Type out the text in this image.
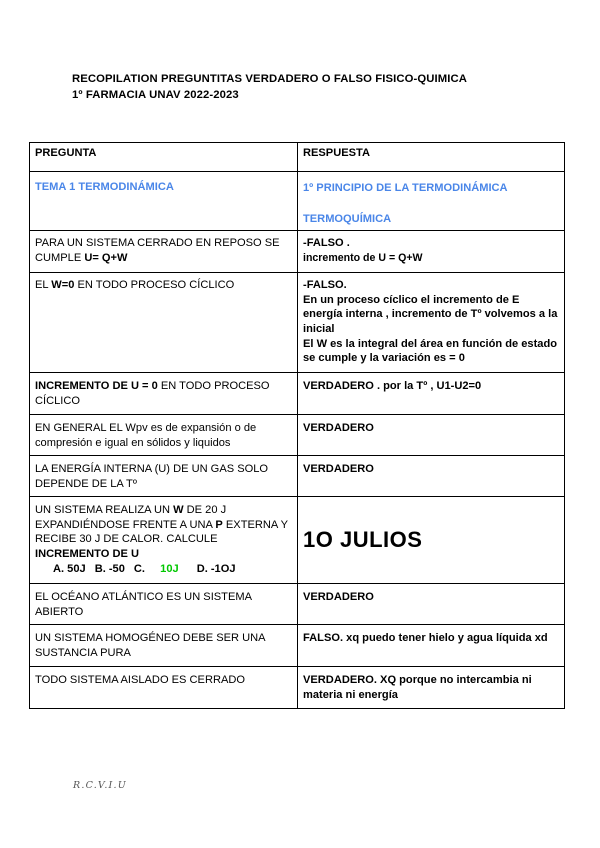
RECOPILATION PREGUNTITAS VERDADERO O FALSO FISICO-QUIMICA
1º FARMACIA UNAV 2022-2023
PREGUNTA	RESPUESTA
TEMA 1 TERMODINÁMICA	1º PRINCIPIO DE LA TERMODINÁMICA
TERMOQUÍMICA

PARA UN SISTEMA CERRADO EN REPOSO SE CUMPLE U= Q+W	-FALSO .
incremento de U = Q+W

EL W=0 EN TODO PROCESO CÍCLICO	-FALSO.
En un proceso cíclico el incremento de E energía interna , incremento de Tº volvemos a la inicial
El W es la integral del área en función de estado se cumple y la variación es = 0

INCREMENTO DE U = 0 EN TODO PROCESO CÍCLICO	VERDADERO . por la Tº , U1-U2=0

EN GENERAL EL Wpv es de expansión o de compresión e igual en sólidos y liquidos	VERDADERO

LA ENERGÍA INTERNA (U) DE UN GAS SOLO DEPENDE DE LA Tº	VERDADERO

UN SISTEMA REALIZA UN W DE 20 J EXPANDIÉNDOSE FRENTE A UNA P EXTERNA Y RECIBE 30 J DE CALOR. CALCULE INCREMENTO DE U
A. 50J B. -50 C. 10J D. -1OJ	1O JULIOS

EL OCÉANO ATLÁNTICO ES UN SISTEMA ABIERTO	VERDADERO

UN SISTEMA HOMOGÉNEO DEBE SER UNA SUSTANCIA PURA	FALSO. xq puedo tener hielo y agua líquida xd

TODO SISTEMA AISLADO ES CERRADO	VERDADERO. XQ porque no intercambia ni materia ni energía
R.C.V.I.U
